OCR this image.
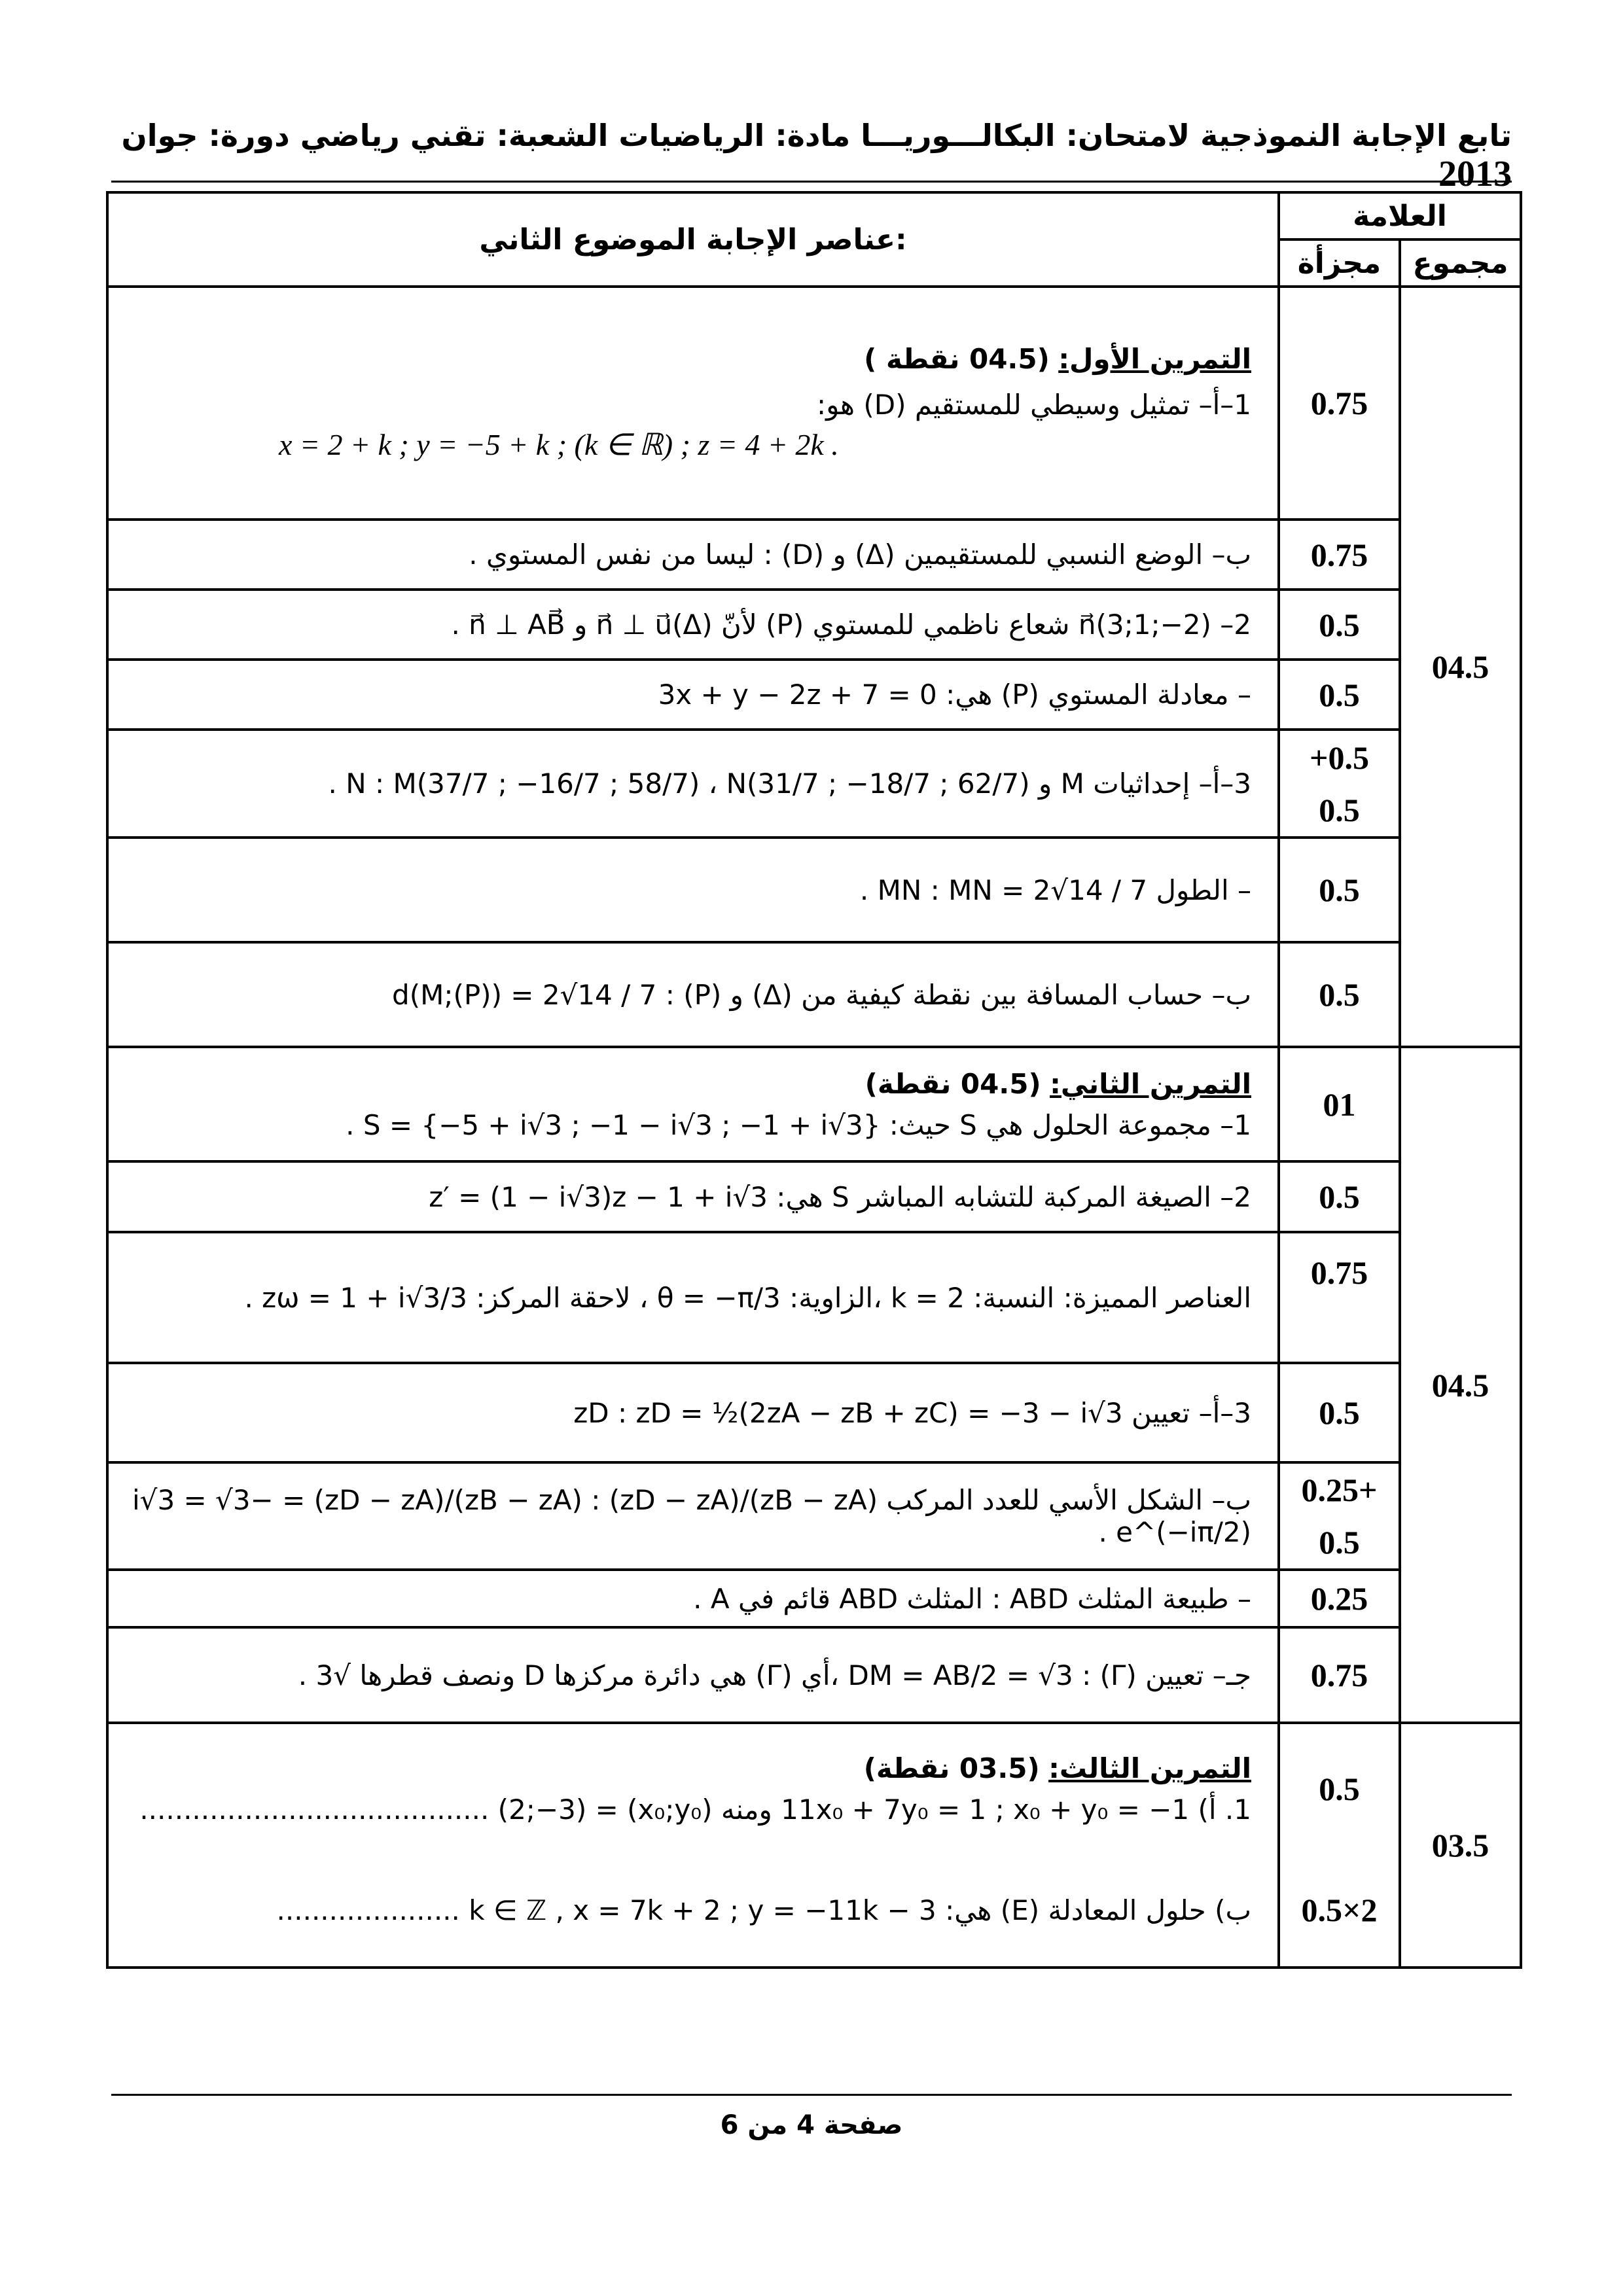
تابع الإجابة النموذجية لامتحان: البكالـــوريـــا مادة: الرياضيات الشعبة: تقني رياضي دورة: جوان 2013
عناصر الإجابة الموضوع الثاني:	العلامة	
	مجزأة	مجموع

التمرين الأول: (04.5 نقطة )
1–أ– تمثيل وسيطي للمستقيم (D) هو:
x = 2 + k ; y = −5 + k ; (k ∈ ℝ) ; z = 4 + 2k .	0.75	04.5
ب– الوضع النسبي للمستقيمين (Δ) و (D) : ليسا من نفس المستوي .	0.75	
2– n⃗(3;1;−2) شعاع ناظمي للمستوي (P) لأنّ n⃗ ⊥ u⃗(Δ) و n⃗ ⊥ AB⃗ .	0.5	
– معادلة المستوي (P) هي: 3x + y − 2z + 7 = 0	0.5	
3–أ– إحداثيات M و N : M(37/7 ; −16/7 ; 58/7) ، N(31/7 ; −18/7 ; 62/7) .	+0.5
0.5	

– الطول MN : MN = 2√14 / 7 .	0.5	
ب– حساب المسافة بين نقطة كيفية من (Δ) و (P) : d(M;(P)) = 2√14 / 7	0.5	

التمرين الثاني: (04.5 نقطة)
1– مجموعة الحلول هي S حيث: S = {−5 + i√3 ; −1 − i√3 ; −1 + i√3} .	01	04.5
2– الصيغة المركبة للتشابه المباشر S هي: z′ = (1 − i√3)z − 1 + i√3	0.5	
العناصر المميزة: النسبة: k = 2 ،الزاوية: θ = −π/3 ، لاحقة المركز: zω = 1 + i√3/3 .	0.75	
3–أ– تعيين zD : zD = ½(2zA − zB + zC) = −3 − i√3	0.5	
ب– الشكل الأسي للعدد المركب (zB − zA)/(zD − zA) : (zB − zA)/(zD − zA) = −i√3 = √3 e^(−iπ/2) .	0.25+
0.5	

– طبيعة المثلث ABD : المثلث ABD قائم في A .	0.25	
جـ– تعيين (Γ) : DM = AB/2 = √3 ،أي (Γ) هي دائرة مركزها D ونصف قطرها √3 .	0.75	

التمرين الثالث: (03.5 نقطة)
1. أ) 11x₀ + 7y₀ = 1 ; x₀ + y₀ = −1 ومنه (x₀;y₀) = (2;−3) ........................................	0.5	03.5
ب) حلول المعادلة (E) هي: k ∈ ℤ , x = 7k + 2 ; y = −11k − 3 .....................	0.5×2	
صفحة 4 من 6
